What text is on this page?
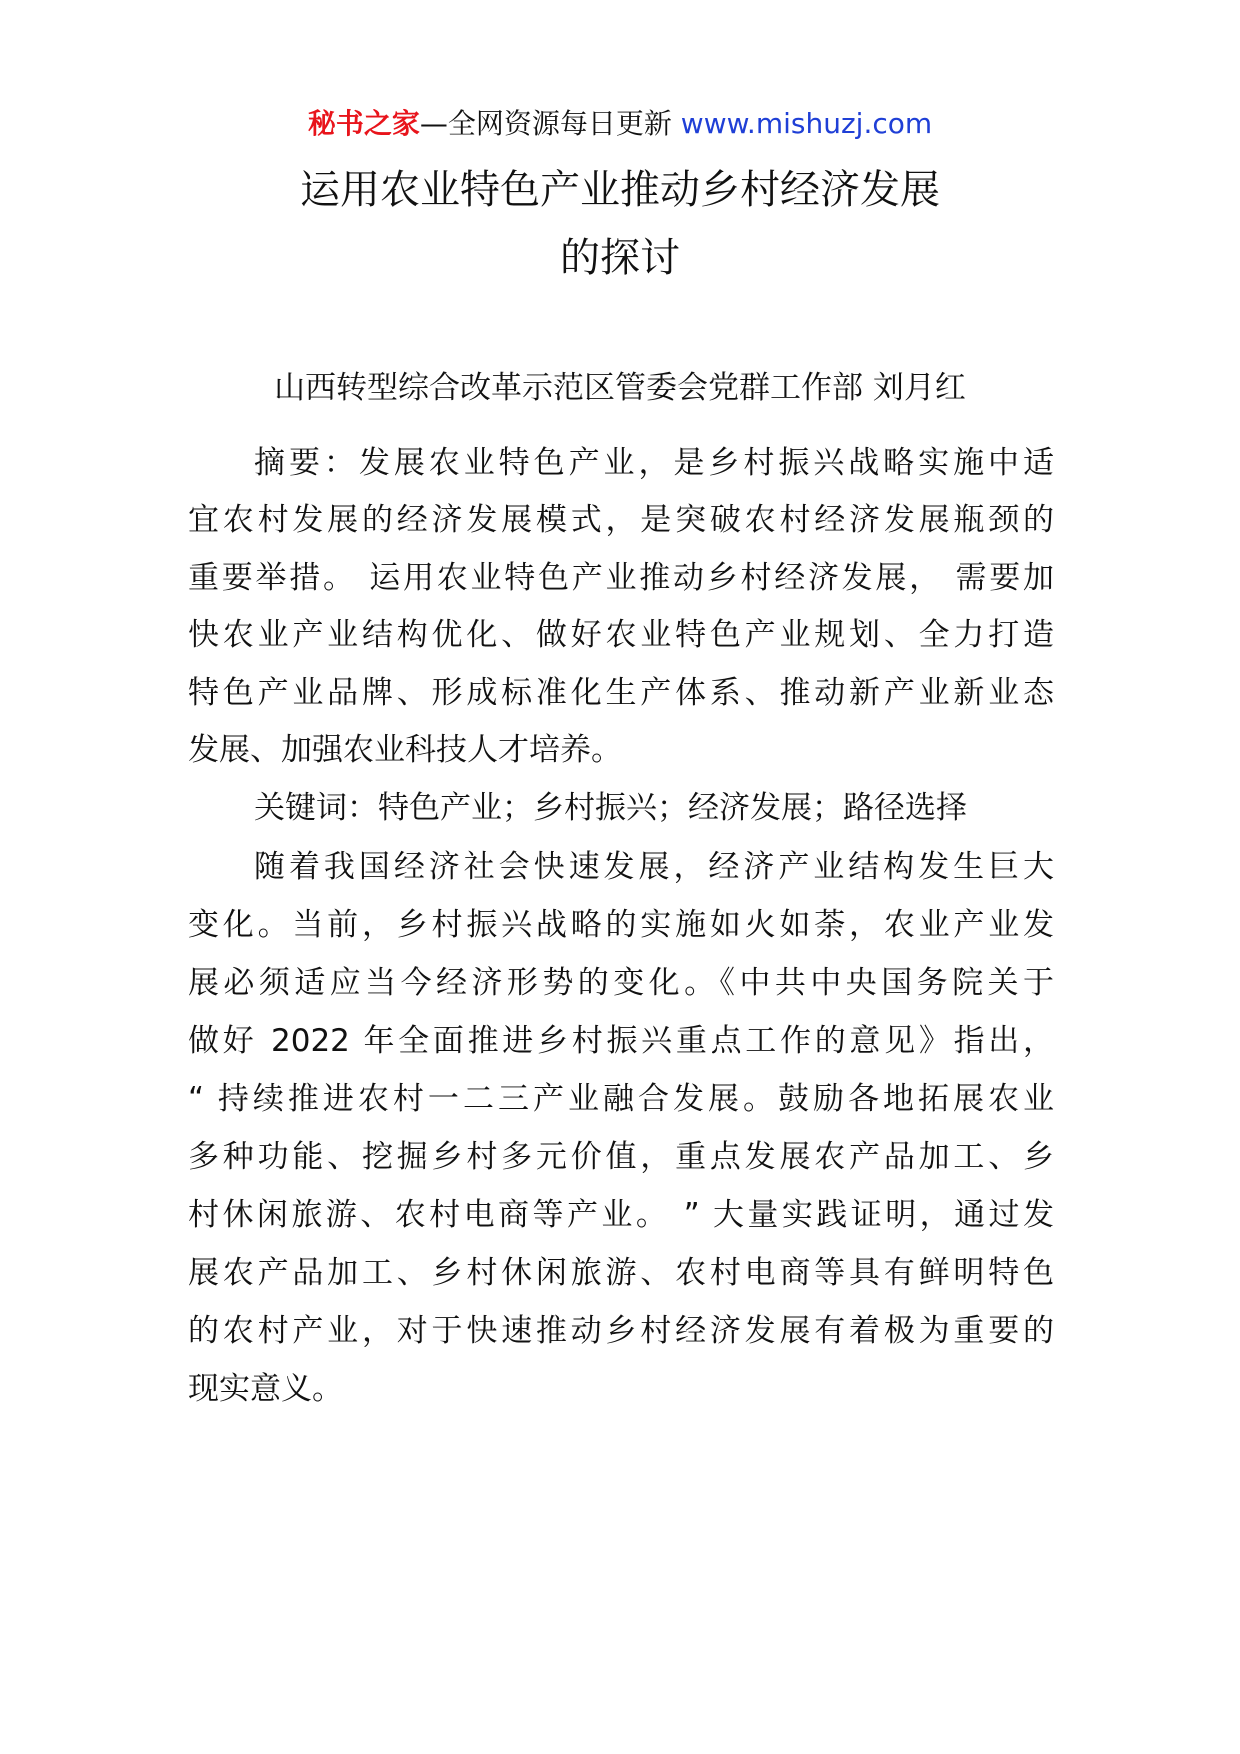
秘书之家—全网资源每日更新 www.mishuzj.com
运用农业特色产业推动乡村经济发展
的探讨
山西转型综合改革示范区管委会党群工作部 刘月红
摘要：发展农业特色产业，是乡村振兴战略实施中适
宜农村发展的经济发展模式，是突破农村经济发展瓶颈的
重要举措。 运用农业特色产业推动乡村经济发展， 需要加
快农业产业结构优化、做好农业特色产业规划、全力打造
特色产业品牌、形成标准化生产体系、推动新产业新业态
发展、加强农业科技人才培养。
关键词：特色产业；乡村振兴；经济发展；路径选择
随着我国经济社会快速发展，经济产业结构发生巨大
变化。当前，乡村振兴战略的实施如火如荼，农业产业发
展必须适应当今经济形势的变化。《中共中央国务院关于
做好 2022 年全面推进乡村振兴重点工作的意见》指出，
“ 持续推进农村一二三产业融合发展。鼓励各地拓展农业
多种功能、挖掘乡村多元价值，重点发展农产品加工、乡
村休闲旅游、农村电商等产业。 ” 大量实践证明，通过发
展农产品加工、乡村休闲旅游、农村电商等具有鲜明特色
的农村产业，对于快速推动乡村经济发展有着极为重要的
现实意义。
